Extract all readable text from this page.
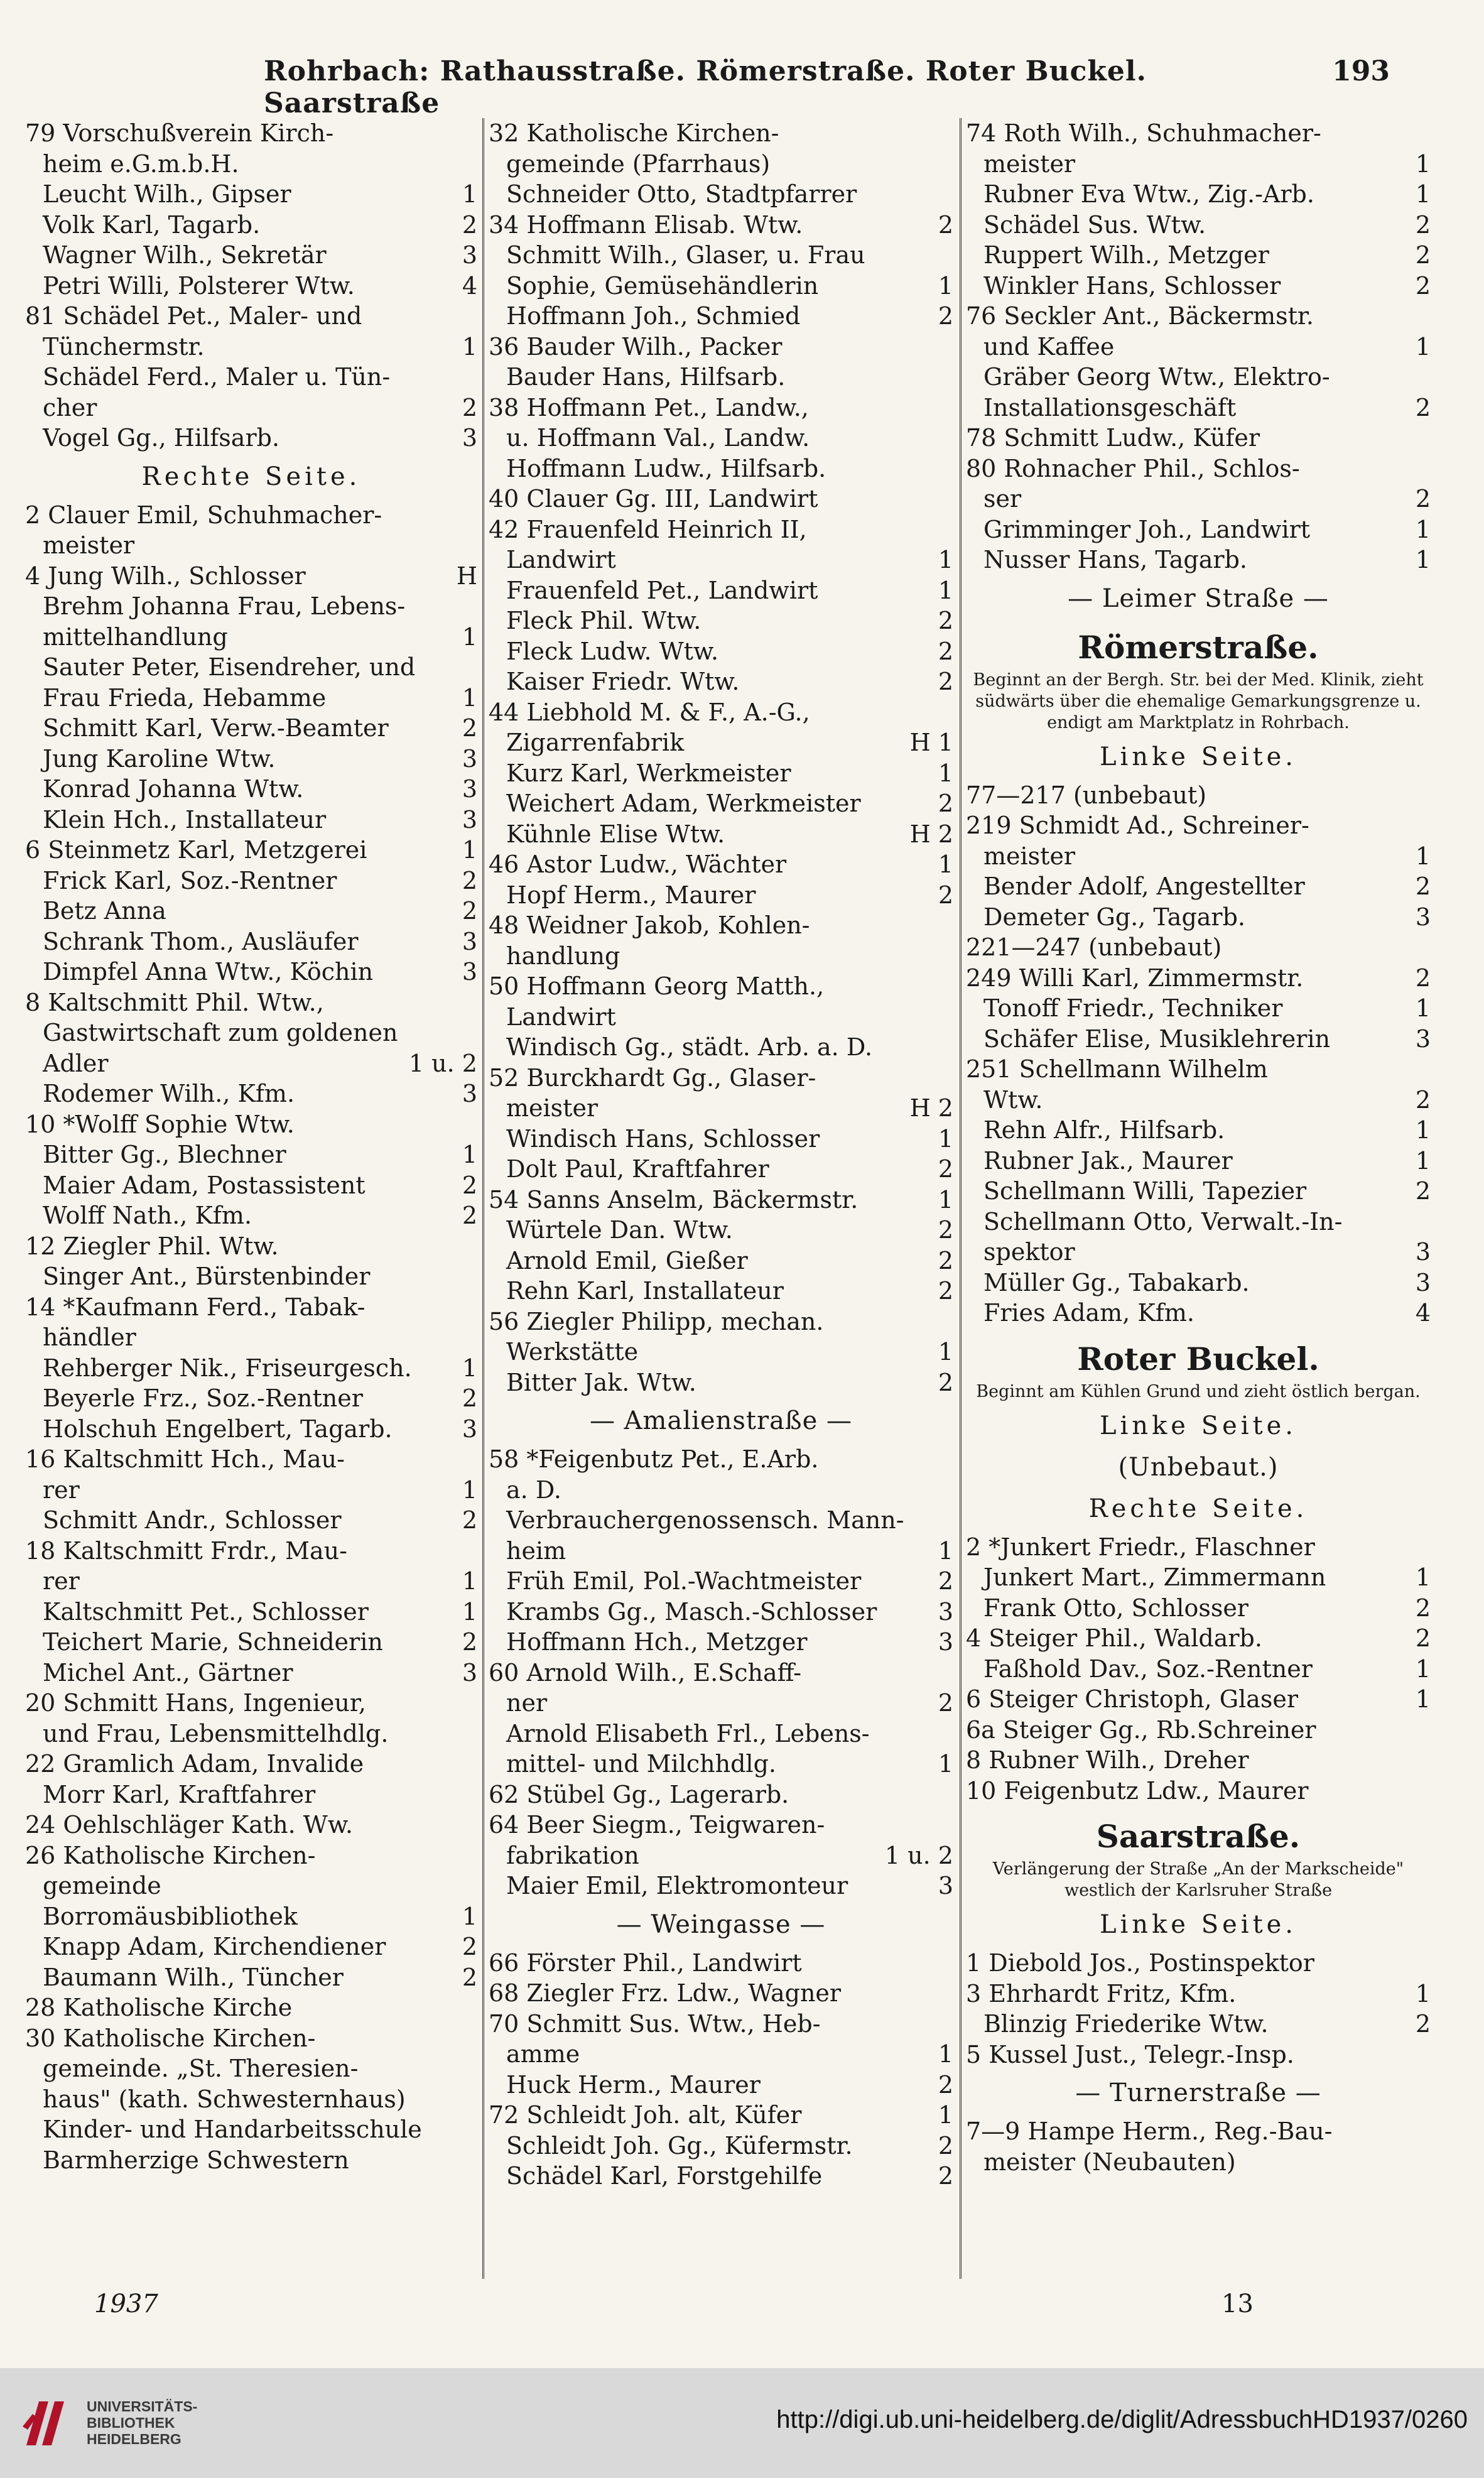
Rohrbach: Rathausstraße. Römerstraße. Roter Buckel. Saarstraße
193
79 Vorschußverein Kirch-
heim e.G.m.b.H.
1
Leucht Wilh., Gipser
2
Volk Karl, Tagarb.
3
Wagner Wilh., Sekretär
4
Petri Willi, Polsterer Wtw.
81 Schädel Pet., Maler- und
1
Tünchermstr.
Schädel Ferd., Maler u. Tün-
2
cher
3
Vogel Gg., Hilfsarb.
Rechte Seite.
2 Clauer Emil, Schuhmacher-
meister
H
4 Jung Wilh., Schlosser
Brehm Johanna Frau, Lebens-
1
mittelhandlung
Sauter Peter, Eisendreher, und
1
Frau Frieda, Hebamme
2
Schmitt Karl, Verw.-Beamter
3
Jung Karoline Wtw.
3
Konrad Johanna Wtw.
3
Klein Hch., Installateur
1
6 Steinmetz Karl, Metzgerei
2
Frick Karl, Soz.-Rentner
2
Betz Anna
3
Schrank Thom., Ausläufer
3
Dimpfel Anna Wtw., Köchin
8 Kaltschmitt Phil. Wtw.,
Gastwirtschaft zum goldenen
1 u. 2
Adler
3
Rodemer Wilh., Kfm.
10 *Wolff Sophie Wtw.
1
Bitter Gg., Blechner
2
Maier Adam, Postassistent
2
Wolff Nath., Kfm.
12 Ziegler Phil. Wtw.
Singer Ant., Bürstenbinder
14 *Kaufmann Ferd., Tabak-
händler
1
Rehberger Nik., Friseurgesch.
2
Beyerle Frz., Soz.-Rentner
3
Holschuh Engelbert, Tagarb.
16 Kaltschmitt Hch., Mau-
1
rer
2
Schmitt Andr., Schlosser
18 Kaltschmitt Frdr., Mau-
1
rer
1
Kaltschmitt Pet., Schlosser
2
Teichert Marie, Schneiderin
3
Michel Ant., Gärtner
20 Schmitt Hans, Ingenieur,
und Frau, Lebensmittelhdlg.
22 Gramlich Adam, Invalide
Morr Karl, Kraftfahrer
24 Oehlschläger Kath. Ww.
26 Katholische Kirchen-
gemeinde
1
Borromäusbibliothek
2
Knapp Adam, Kirchendiener
2
Baumann Wilh., Tüncher
28 Katholische Kirche
30 Katholische Kirchen-
gemeinde. „St. Theresien-
haus" (kath. Schwesternhaus)
Kinder- und Handarbeitsschule
Barmherzige Schwestern
32 Katholische Kirchen-
gemeinde (Pfarrhaus)
Schneider Otto, Stadtpfarrer
2
34 Hoffmann Elisab. Wtw.
Schmitt Wilh., Glaser, u. Frau
1
Sophie, Gemüsehändlerin
2
Hoffmann Joh., Schmied
36 Bauder Wilh., Packer
Bauder Hans, Hilfsarb.
38 Hoffmann Pet., Landw.,
u. Hoffmann Val., Landw.
Hoffmann Ludw., Hilfsarb.
40 Clauer Gg. III, Landwirt
42 Frauenfeld Heinrich II,
1
Landwirt
1
Frauenfeld Pet., Landwirt
2
Fleck Phil. Wtw.
2
Fleck Ludw. Wtw.
2
Kaiser Friedr. Wtw.
44 Liebhold M. & F., A.-G.,
H 1
Zigarrenfabrik
1
Kurz Karl, Werkmeister
2
Weichert Adam, Werkmeister
H 2
Kühnle Elise Wtw.
1
46 Astor Ludw., Wächter
2
Hopf Herm., Maurer
48 Weidner Jakob, Kohlen-
handlung
50 Hoffmann Georg Matth.,
Landwirt
Windisch Gg., städt. Arb. a. D.
52 Burckhardt Gg., Glaser-
H 2
meister
1
Windisch Hans, Schlosser
2
Dolt Paul, Kraftfahrer
1
54 Sanns Anselm, Bäckermstr.
2
Würtele Dan. Wtw.
2
Arnold Emil, Gießer
2
Rehn Karl, Installateur
56 Ziegler Philipp, mechan.
1
Werkstätte
2
Bitter Jak. Wtw.
— Amalienstraße —
58 *Feigenbutz Pet., E.Arb.
a. D.
Verbrauchergenossensch. Mann-
1
heim
2
Früh Emil, Pol.-Wachtmeister
3
Krambs Gg., Masch.-Schlosser
3
Hoffmann Hch., Metzger
60 Arnold Wilh., E.Schaff-
2
ner
Arnold Elisabeth Frl., Lebens-
1
mittel- und Milchhdlg.
62 Stübel Gg., Lagerarb.
64 Beer Siegm., Teigwaren-
1 u. 2
fabrikation
3
Maier Emil, Elektromonteur
— Weingasse —
66 Förster Phil., Landwirt
68 Ziegler Frz. Ldw., Wagner
70 Schmitt Sus. Wtw., Heb-
1
amme
2
Huck Herm., Maurer
1
72 Schleidt Joh. alt, Küfer
2
Schleidt Joh. Gg., Küfermstr.
2
Schädel Karl, Forstgehilfe
74 Roth Wilh., Schuhmacher-
1
meister
1
Rubner Eva Wtw., Zig.-Arb.
2
Schädel Sus. Wtw.
2
Ruppert Wilh., Metzger
2
Winkler Hans, Schlosser
76 Seckler Ant., Bäckermstr.
1
und Kaffee
Gräber Georg Wtw., Elektro-
2
Installationsgeschäft
78 Schmitt Ludw., Küfer
80 Rohnacher Phil., Schlos-
2
ser
1
Grimminger Joh., Landwirt
1
Nusser Hans, Tagarb.
— Leimer Straße —
Römerstraße.
Beginnt an der Bergh. Str. bei der Med. Klinik, zieht südwärts über die ehemalige Gemarkungsgrenze u. endigt am Marktplatz in Rohrbach.
Linke Seite.
77—217 (unbebaut)
219 Schmidt Ad., Schreiner-
1
meister
2
Bender Adolf, Angestellter
3
Demeter Gg., Tagarb.
221—247 (unbebaut)
2
249 Willi Karl, Zimmermstr.
1
Tonoff Friedr., Techniker
3
Schäfer Elise, Musiklehrerin
251 Schellmann Wilhelm
2
Wtw.
1
Rehn Alfr., Hilfsarb.
1
Rubner Jak., Maurer
2
Schellmann Willi, Tapezier
Schellmann Otto, Verwalt.-In-
3
spektor
3
Müller Gg., Tabakarb.
4
Fries Adam, Kfm.
Roter Buckel.
Beginnt am Kühlen Grund und zieht östlich bergan.
Linke Seite.
(Unbebaut.)
Rechte Seite.
2 *Junkert Friedr., Flaschner
1
Junkert Mart., Zimmermann
2
Frank Otto, Schlosser
2
4 Steiger Phil., Waldarb.
1
Faßhold Dav., Soz.-Rentner
1
6 Steiger Christoph, Glaser
6a Steiger Gg., Rb.Schreiner
8 Rubner Wilh., Dreher
10 Feigenbutz Ldw., Maurer
Saarstraße.
Verlängerung der Straße „An der Markscheide" westlich der Karlsruher Straße
Linke Seite.
1 Diebold Jos., Postinspektor
1
3 Ehrhardt Fritz, Kfm.
2
Blinzig Friederike Wtw.
5 Kussel Just., Telegr.-Insp.
— Turnerstraße —
7—9 Hampe Herm., Reg.-Bau-
meister (Neubauten)
1937	13
UNIVERSITÄTS-
BIBLIOTHEK
HEIDELBERG
http://digi.ub.uni-heidelberg.de/diglit/AdressbuchHD1937/0260
